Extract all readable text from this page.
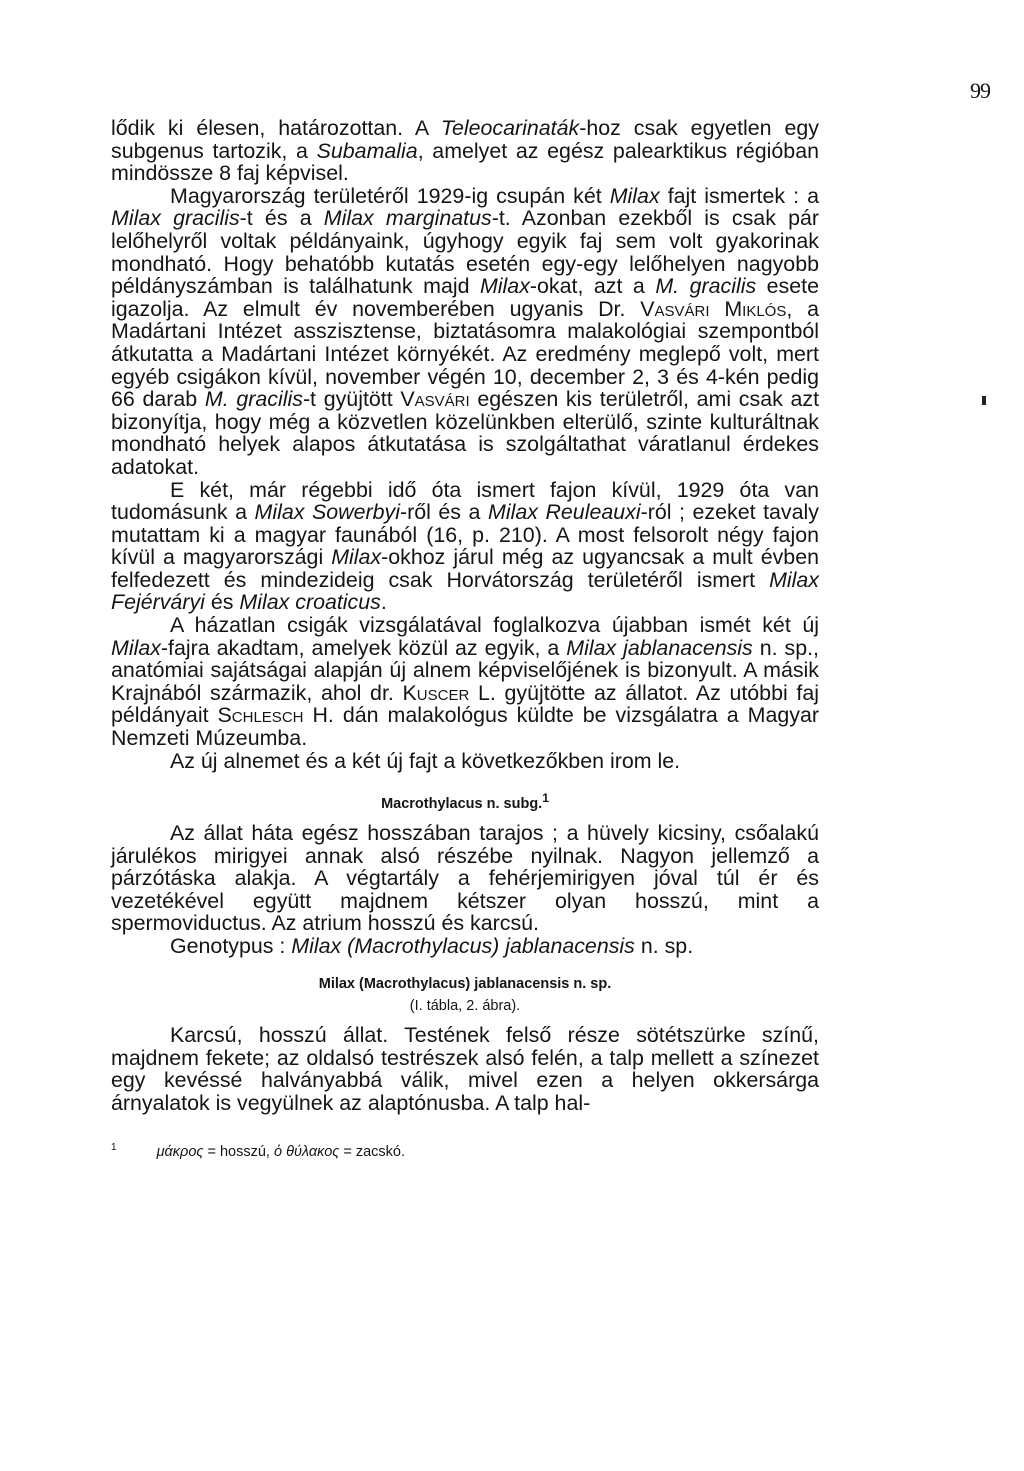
99

lődik ki élesen, határozottan. A Teleocarinaták-hoz csak egyetlen egy subgenus tartozik, a Subamalia, amelyet az egész palearktikus régióban mindössze 8 faj képvisel.

Magyarország területéről 1929-ig csupán két Milax fajt ismertek : a Milax gracilis-t és a Milax marginatus-t. Azonban ezekből is csak pár lelőhelyről voltak példányaink, úgyhogy egyik faj sem volt gyakorinak mondható. Hogy behatóbb kutatás esetén egy-egy lelőhelyen nagyobb példányszámban is találhatunk majd Milax-okat, azt a M. gracilis esete igazolja. Az elmult év novemberében ugyanis Dr. Vasvári Miklós, a Madártani Intézet asszisztense, biztatásomra malakológiai szempontból átkutatta a Madártani Intézet környékét. Az eredmény meglepő volt, mert egyéb csigákon kívül, november végén 10, december 2, 3 és 4-kén pedig 66 darab M. gracilis-t gyüjtött Vasvári egészen kis területről, ami csak azt bizonyítja, hogy még a közvetlen közelünkben elterülő, szinte kulturáltnak mondható helyek alapos átkutatása is szolgáltathat váratlanul érdekes adatokat.

E két, már régebbi idő óta ismert fajon kívül, 1929 óta van tudomásunk a Milax Sowerbyi-ről és a Milax Reuleauxi-ról ; ezeket tavaly mutattam ki a magyar faunából (16, p. 210). A most felsorolt négy fajon kívül a magyarországi Milax-okhoz járul még az ugyancsak a mult évben felfedezett és mindezideig csak Horvátország területéről ismert Milax Fejérváryi és Milax croaticus.

A házatlan csigák vizsgálatával foglalkozva újabban ismét két új Milax-fajra akadtam, amelyek közül az egyik, a Milax jablanacensis n. sp., anatómiai sajátságai alapján új alnem képviselőjének is bizonyult. A másik Krajnából származik, ahol dr. Kuscer L. gyüjtötte az állatot. Az utóbbi faj példányait Schlesch H. dán malakológus küldte be vizsgálatra a Magyar Nemzeti Múzeumba.

Az új alnemet és a két új fajt a következőkben irom le.

Macrothylacus n. subg.$^1$

Az állat háta egész hosszában tarajos ; a hüvely kicsiny, csőalakú járulékos mirigyei annak alsó részébe nyilnak. Nagyon jellemző a párzótáska alakja. A végtartály a fehérjemirigyen jóval túl ér és vezetékével együtt majdnem kétszer olyan hosszú, mint a spermoviductus. Az atrium hosszú és karcsú.

Genotypus : Milax (Macrothylacus) jablanacensis n. sp.

Milax (Macrothylacus) jablanacensis n. sp.
(I. tábla, 2. ábra).

Karcsú, hosszú állat. Testének felső része sötétszürke színű, majdnem fekete; az oldalsó testrészek alsó felén, a talp mellett a színezet egy kevéssé halványabbá válik, mivel ezen a helyen okkersárga árnyalatok is vegyülnek az alaptónusba. A talp hal-

$^1$	μάκρος = hosszú, ὁ θύλακος = zacskó.
